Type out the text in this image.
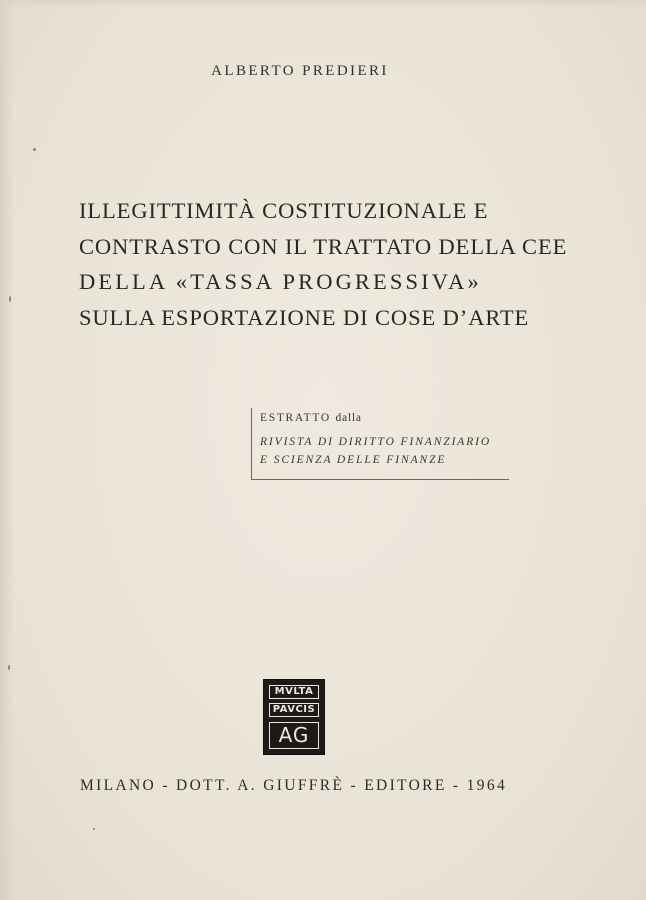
ALBERTO PREDIERI
ILLEGITTIMITÀ COSTITUZIONALE E
CONTRASTO CON IL TRATTATO DELLA CEE
DELLA «TASSA PROGRESSIVA»
SULLA ESPORTAZIONE DI COSE D’ARTE
ESTRATTO dalla
RIVISTA DI DIRITTO FINANZIARIO
E SCIENZA DELLE FINANZE
MVLTA
PAVCIS
AG
MILANO - DOTT. A. GIUFFRÈ - EDITORE - 1964
